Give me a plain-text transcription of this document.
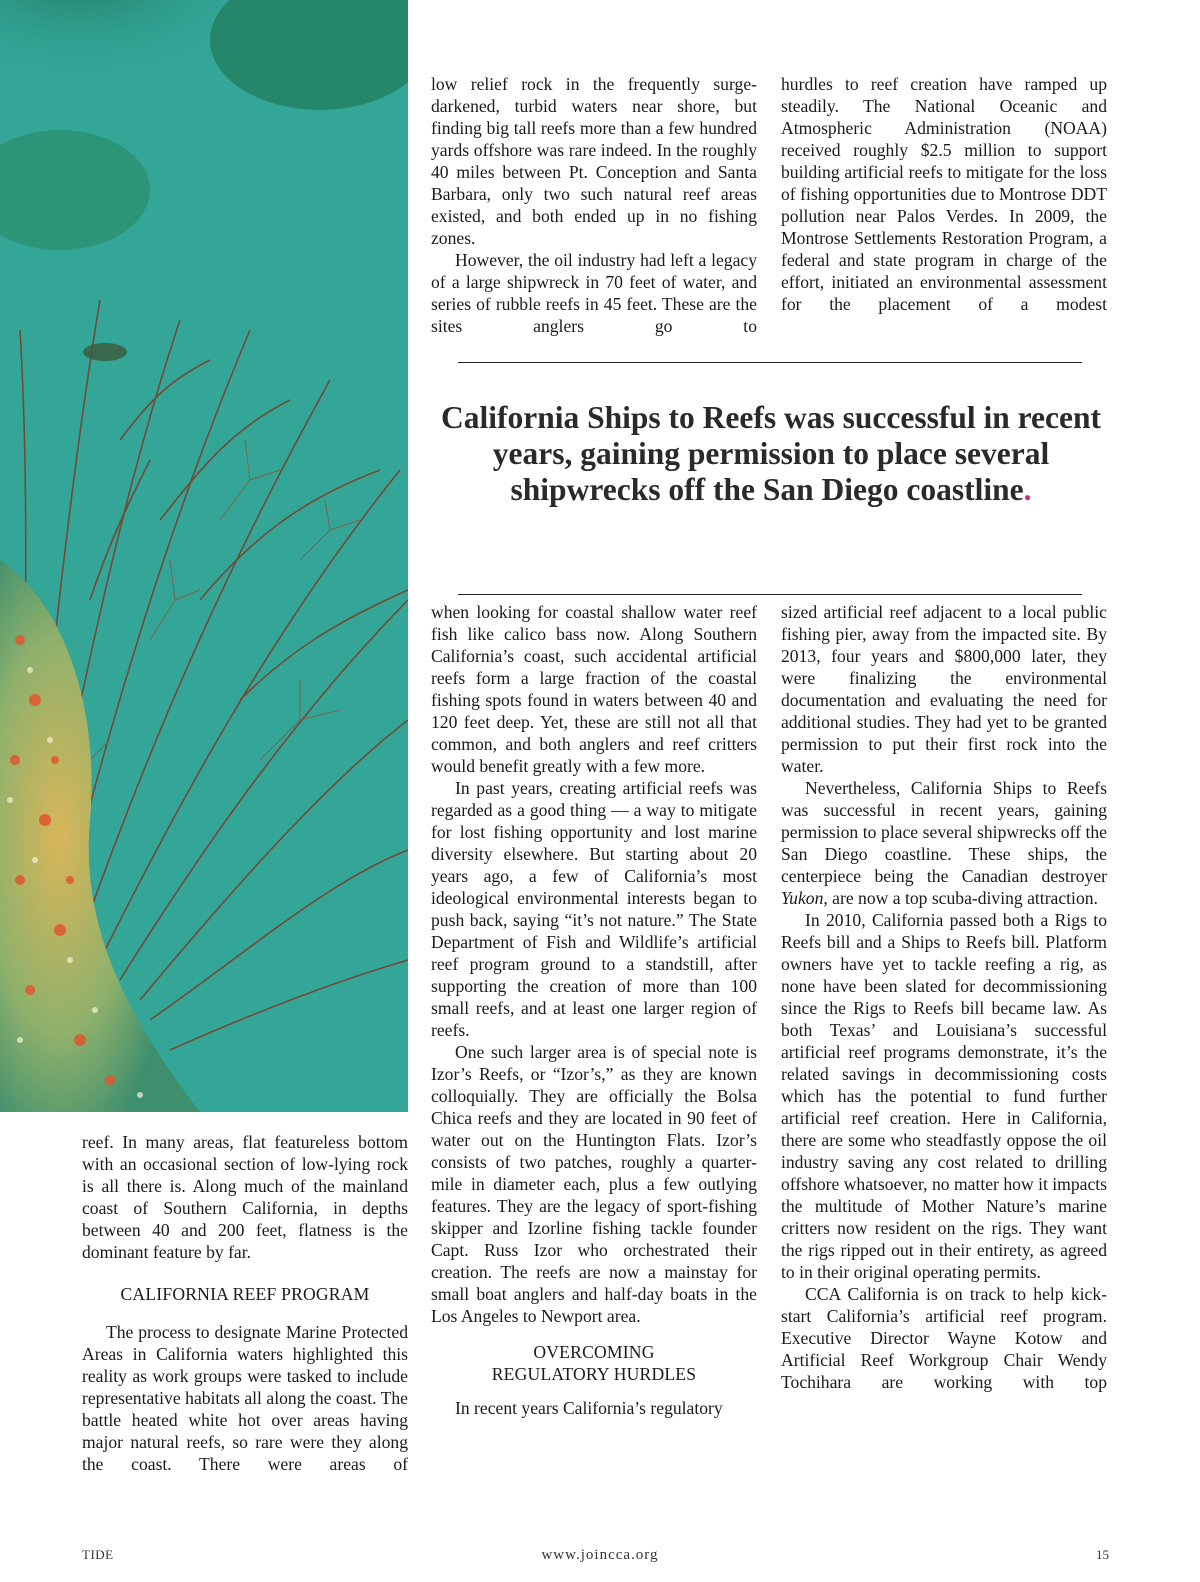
reef. In many areas, flat featureless bottom with an occasional section of low-lying rock is all there is. Along much of the mainland coast of Southern California, in depths between 40 and 200 feet, flatness is the dominant feature by far.

CALIFORNIA REEF PROGRAM

The process to designate Marine Protected Areas in California waters highlighted this reality as work groups were tasked to include representative habitats all along the coast. The battle heated white hot over areas having major natural reefs, so rare were they along the coast. There were areas of

low relief rock in the frequently surge-darkened, turbid waters near shore, but finding big tall reefs more than a few hundred yards offshore was rare indeed. In the roughly 40 miles between Pt. Conception and Santa Barbara, only two such natural reef areas existed, and both ended up in no fishing zones.

However, the oil industry had left a legacy of a large shipwreck in 70 feet of water, and series of rubble reefs in 45 feet. These are the sites anglers go to

hurdles to reef creation have ramped up steadily. The National Oceanic and Atmospheric Administration (NOAA) received roughly $2.5 million to support building artificial reefs to mitigate for the loss of fishing opportunities due to Montrose DDT pollution near Palos Verdes. In 2009, the Montrose Settlements Restoration Program, a federal and state program in charge of the effort, initiated an environmental assessment for the placement of a modest

California Ships to Reefs was successful in recent years, gaining permission to place several shipwrecks off the San Diego coastline.

when looking for coastal shallow water reef fish like calico bass now. Along Southern California’s coast, such accidental artificial reefs form a large fraction of the coastal fishing spots found in waters between 40 and 120 feet deep. Yet, these are still not all that common, and both anglers and reef critters would benefit greatly with a few more.

In past years, creating artificial reefs was regarded as a good thing — a way to mitigate for lost fishing opportunity and lost marine diversity elsewhere. But starting about 20 years ago, a few of California’s most ideological environmental interests began to push back, saying “it’s not nature.” The State Department of Fish and Wildlife’s artificial reef program ground to a standstill, after supporting the creation of more than 100 small reefs, and at least one larger region of reefs.

One such larger area is of special note is Izor’s Reefs, or “Izor’s,” as they are known colloquially. They are officially the Bolsa Chica reefs and they are located in 90 feet of water out on the Huntington Flats. Izor’s consists of two patches, roughly a quarter-mile in diameter each, plus a few outlying features. They are the legacy of sport-fishing skipper and Izorline fishing tackle founder Capt. Russ Izor who orchestrated their creation. The reefs are now a mainstay for small boat anglers and half-day boats in the Los Angeles to Newport area.

OVERCOMING
REGULATORY HURDLES

In recent years California’s regulatory

sized artificial reef adjacent to a local public fishing pier, away from the impacted site. By 2013, four years and $800,000 later, they were finalizing the environmental documentation and evaluating the need for additional studies. They had yet to be granted permission to put their first rock into the water.

Nevertheless, California Ships to Reefs was successful in recent years, gaining permission to place several shipwrecks off the San Diego coastline. These ships, the centerpiece being the Canadian destroyer Yukon, are now a top scuba-diving attraction.

In 2010, California passed both a Rigs to Reefs bill and a Ships to Reefs bill. Platform owners have yet to tackle reefing a rig, as none have been slated for decommissioning since the Rigs to Reefs bill became law. As both Texas’ and Louisiana’s successful artificial reef programs demonstrate, it’s the related savings in decommissioning costs which has the potential to fund further artificial reef creation. Here in California, there are some who steadfastly oppose the oil industry saving any cost related to drilling offshore whatsoever, no matter how it impacts the multitude of Mother Nature’s marine critters now resident on the rigs. They want the rigs ripped out in their entirety, as agreed to in their original operating permits.

CCA California is on track to help kick-start California’s artificial reef program. Executive Director Wayne Kotow and Artificial Reef Workgroup Chair Wendy Tochihara are working with top

TIDE	www.joincca.org	15
